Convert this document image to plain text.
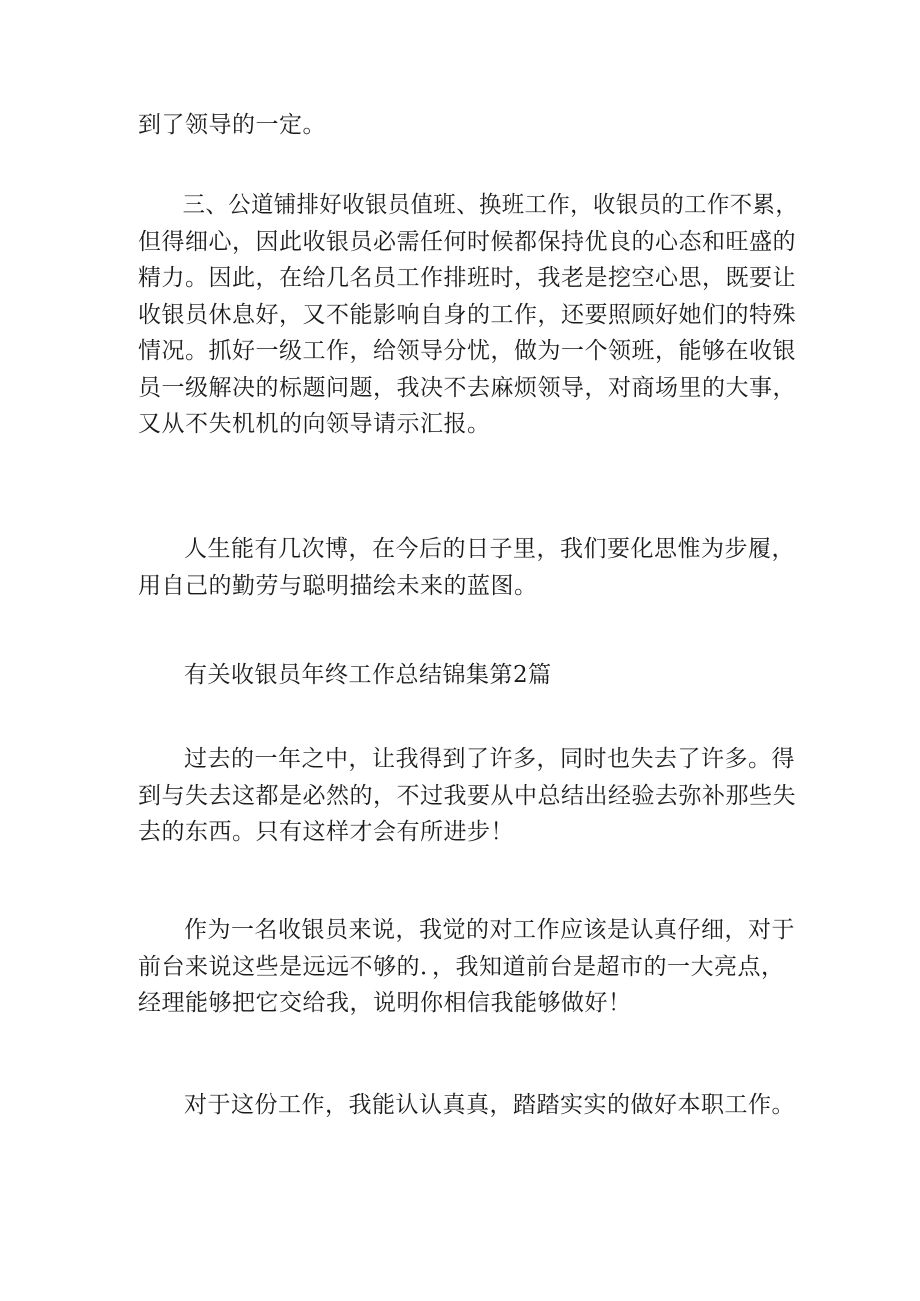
到了领导的一定。
三、公道铺排好收银员值班、换班工作，收银员的工作不累，
但得细心，因此收银员必需任何时候都保持优良的心态和旺盛的
精力。因此，在给几名员工作排班时，我老是挖空心思，既要让
收银员休息好，又不能影响自身的工作，还要照顾好她们的特殊
情况。抓好一级工作，给领导分忧，做为一个领班，能够在收银
员一级解决的标题问题，我决不去麻烦领导，对商场里的大事，
又从不失机机的向领导请示汇报。
人生能有几次博，在今后的日子里，我们要化思惟为步履，
用自己的勤劳与聪明描绘未来的蓝图。
有关收银员年终工作总结锦集第2篇
过去的一年之中，让我得到了许多，同时也失去了许多。得
到与失去这都是必然的，不过我要从中总结出经验去弥补那些失
去的东西。只有这样才会有所进步！
作为一名收银员来说，我觉的对工作应该是认真仔细，对于
前台来说这些是远远不够的．，我知道前台是超市的一大亮点，
经理能够把它交给我，说明你相信我能够做好！
对于这份工作，我能认认真真，踏踏实实的做好本职工作。
